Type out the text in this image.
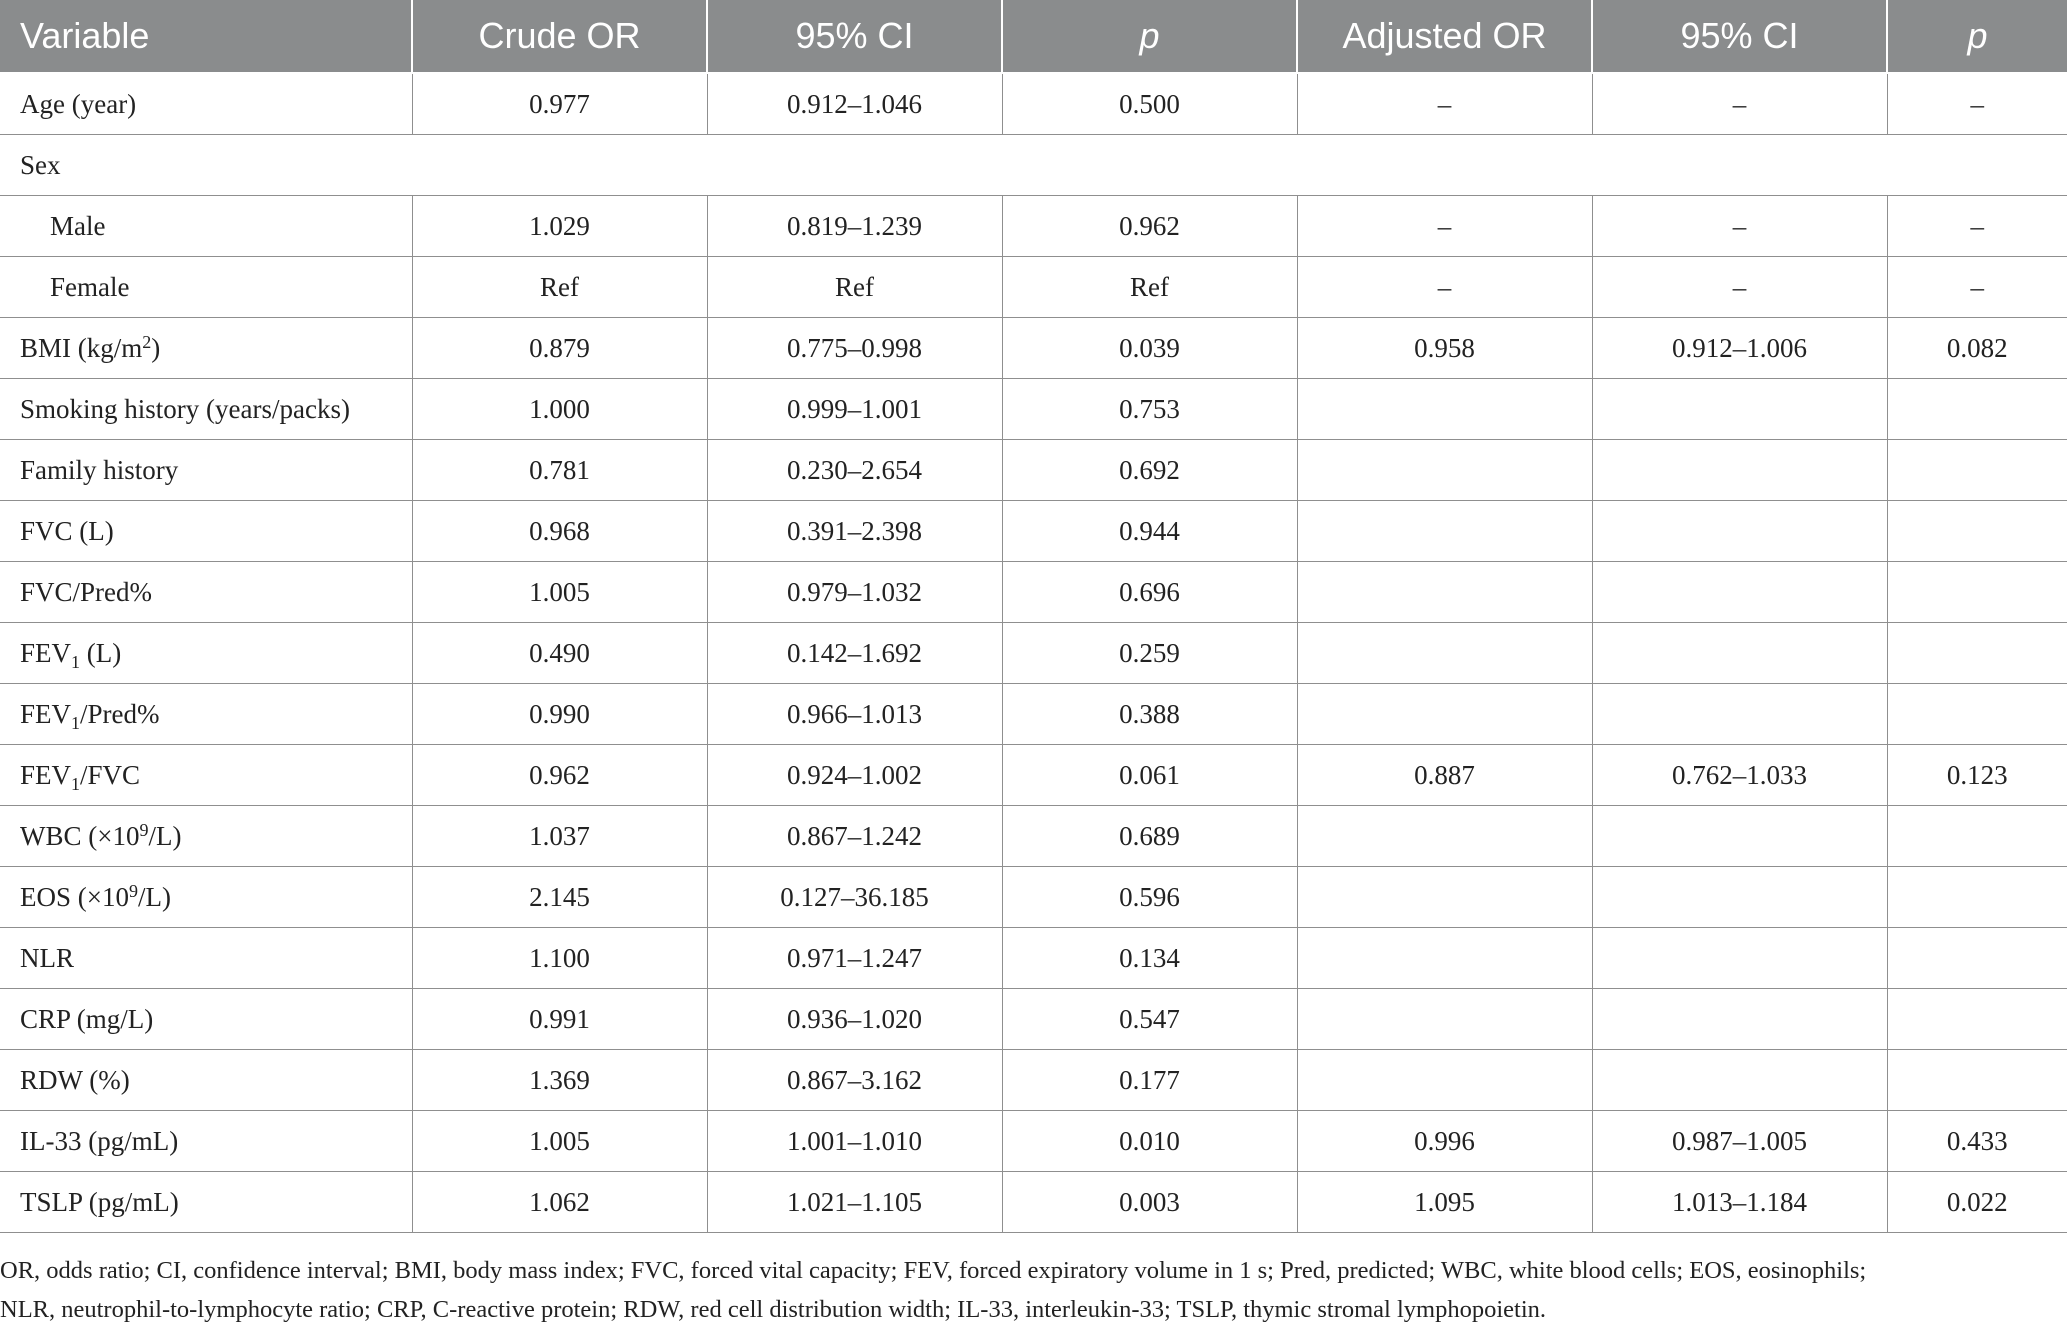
Variable	Crude OR	95% CI	p	Adjusted OR	95% CI	p
Age (year)	0.977	0.912–1.046	0.500	–	–	–
Sex						
Male	1.029	0.819–1.239	0.962	–	–	–
Female	Ref	Ref	Ref	–	–	–
BMI $(kg/m^2)$	0.879	0.775–0.998	0.039	0.958	0.912–1.006	0.082
Smoking history (years/packs)	1.000	0.999–1.001	0.753			
Family history	0.781	0.230–2.654	0.692			
FVC (L)	0.968	0.391–2.398	0.944			
FVC/Pred%	1.005	0.979–1.032	0.696			
$FEV_1$ (L)	0.490	0.142–1.692	0.259			
$FEV_1/Pred\%$	0.990	0.966–1.013	0.388			
$FEV_1$/FVC	0.962	0.924–1.002	0.061	0.887	0.762–1.033	0.123
WBC $(\times 10^9/L)$	1.037	0.867–1.242	0.689			
EOS $(\times 10^9/L)$	2.145	0.127–36.185	0.596			
NLR	1.100	0.971–1.247	0.134			
CRP (mg/L)	0.991	0.936–1.020	0.547			
RDW (%)	1.369	0.867–3.162	0.177			
IL-33 (pg/mL)	1.005	1.001–1.010	0.010	0.996	0.987–1.005	0.433
TSLP (pg/mL)	1.062	1.021–1.105	0.003	1.095	1.013–1.184	0.022
OR, odds ratio; CI, confidence interval; BMI, body mass index; FVC, forced vital capacity; FEV, forced expiratory volume in 1 s; Pred, predicted; WBC, white blood cells; EOS, eosinophils;
NLR, neutrophil-to-lymphocyte ratio; CRP, C-reactive protein; RDW, red cell distribution width; IL-33, interleukin-33; TSLP, thymic stromal lymphopoietin.
